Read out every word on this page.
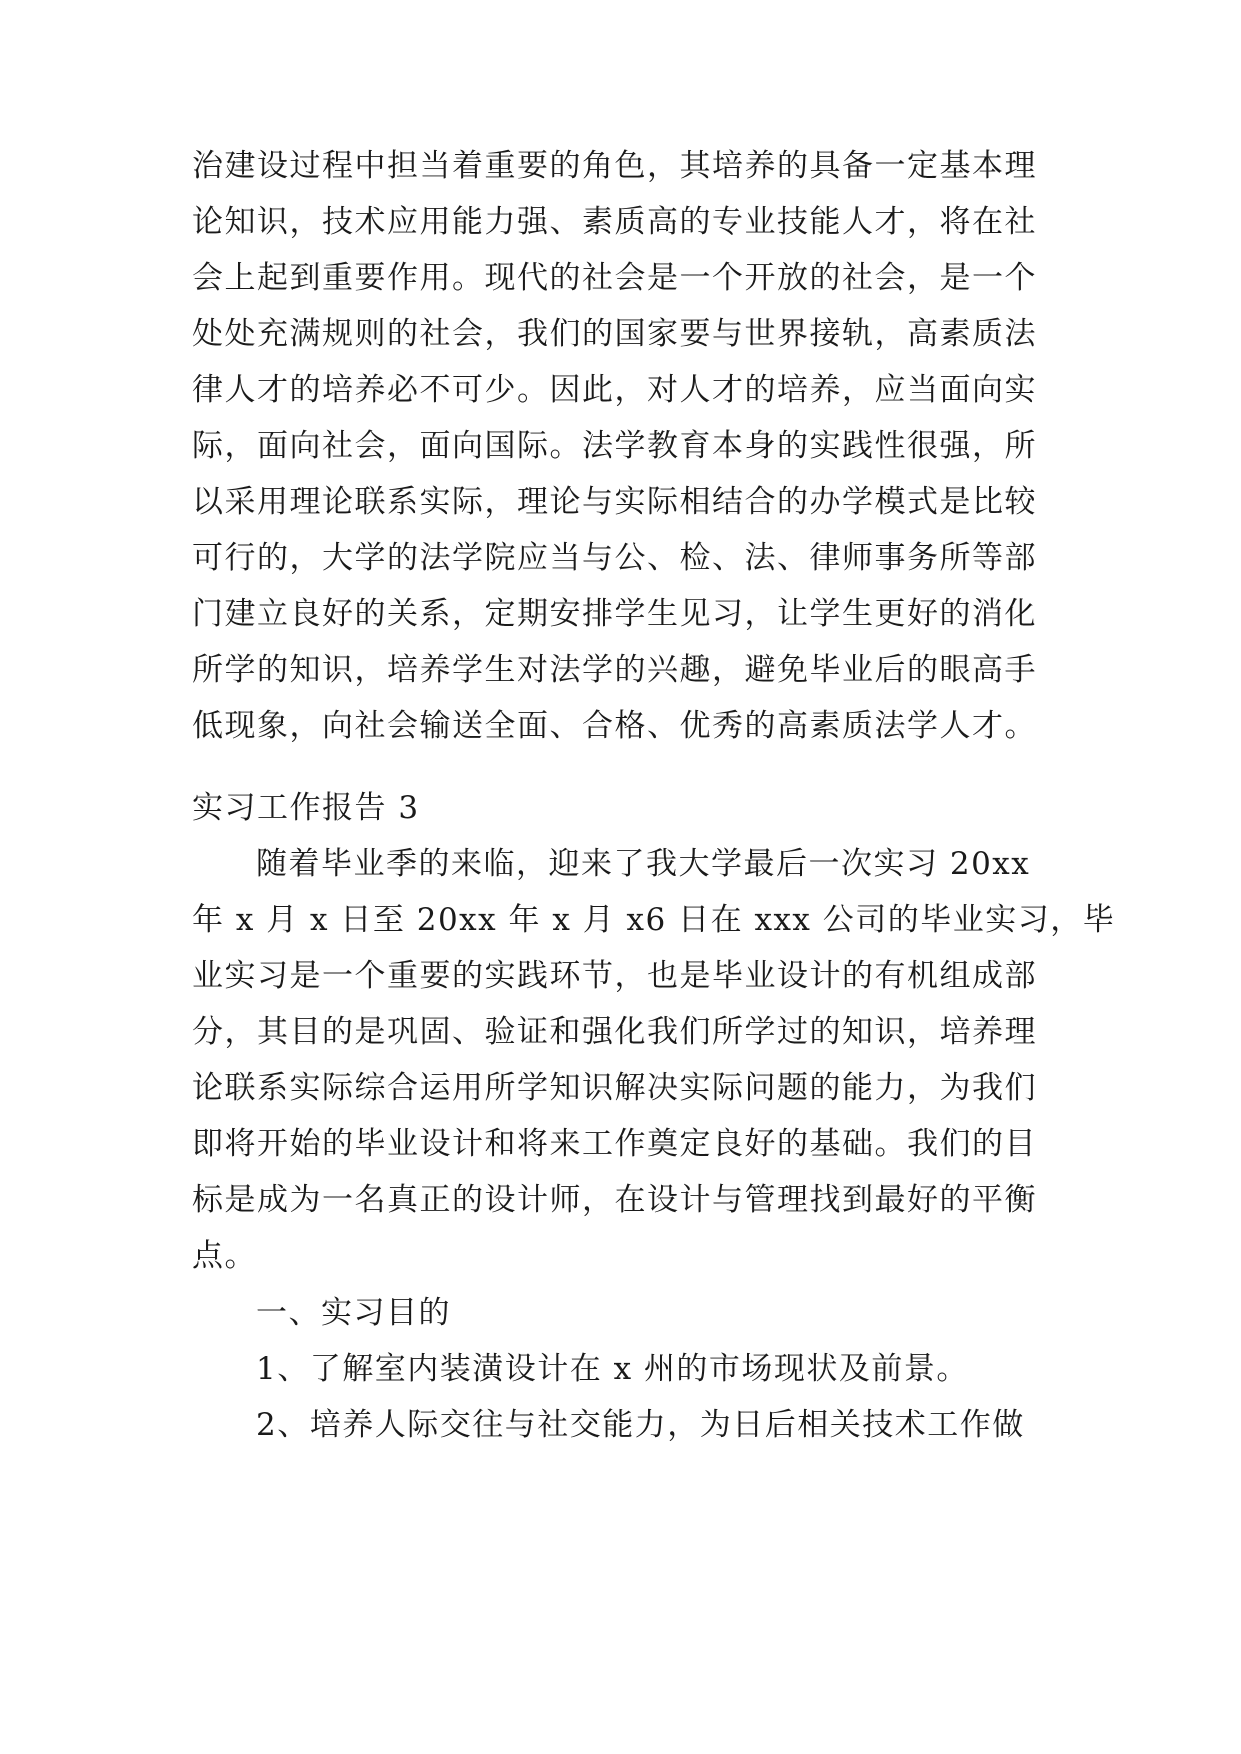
治建设过程中担当着重要的角色，其培养的具备一定基本理
论知识，技术应用能力强、素质高的专业技能人才，将在社
会上起到重要作用。现代的社会是一个开放的社会，是一个
处处充满规则的社会，我们的国家要与世界接轨，高素质法
律人才的培养必不可少。因此，对人才的培养，应当面向实
际，面向社会，面向国际。法学教育本身的实践性很强，所
以采用理论联系实际，理论与实际相结合的办学模式是比较
可行的，大学的法学院应当与公、检、法、律师事务所等部
门建立良好的关系，定期安排学生见习，让学生更好的消化
所学的知识，培养学生对法学的兴趣，避免毕业后的眼高手
低现象，向社会输送全面、合格、优秀的高素质法学人才。
实习工作报告 3
随着毕业季的来临，迎来了我大学最后一次实习 20xx
年 x 月 x 日至 20xx 年 x 月 x6 日在 xxx 公司的毕业实习，毕
业实习是一个重要的实践环节，也是毕业设计的有机组成部
分，其目的是巩固、验证和强化我们所学过的知识，培养理
论联系实际综合运用所学知识解决实际问题的能力，为我们
即将开始的毕业设计和将来工作奠定良好的基础。我们的目
标是成为一名真正的设计师，在设计与管理找到最好的平衡
点。
一、实习目的
1、了解室内装潢设计在 x 州的市场现状及前景。
2、培养人际交往与社交能力，为日后相关技术工作做
